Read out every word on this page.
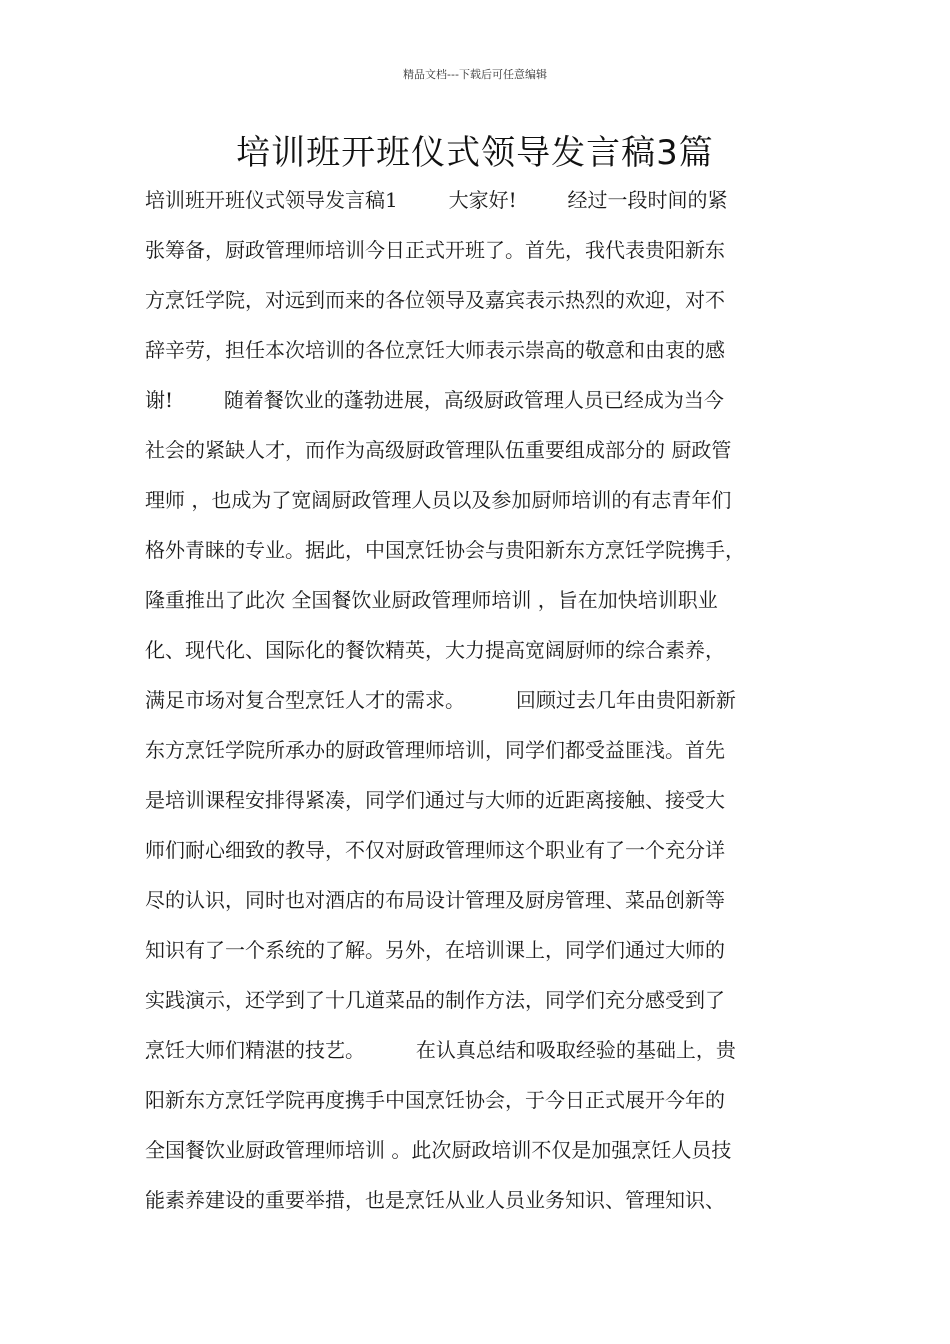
精品文档---下载后可任意编辑
培训班开班仪式领导发言稿3篇
培训班开班仪式领导发言稿1        大家好!        经过一段时间的紧
张筹备，厨政管理师培训今日正式开班了。首先，我代表贵阳新东
方烹饪学院，对远到而来的各位领导及嘉宾表示热烈的欢迎，对不
辞辛劳，担任本次培训的各位烹饪大师表示崇高的敬意和由衷的感
谢!        随着餐饮业的蓬勃进展，高级厨政管理人员已经成为当今
社会的紧缺人才，而作为高级厨政管理队伍重要组成部分的 厨政管
理师 ，也成为了宽阔厨政管理人员以及参加厨师培训的有志青年们
格外青睐的专业。据此，中国烹饪协会与贵阳新东方烹饪学院携手，
隆重推出了此次 全国餐饮业厨政管理师培训 ，旨在加快培训职业
化、现代化、国际化的餐饮精英，大力提高宽阔厨师的综合素养，
满足市场对复合型烹饪人才的需求。        回顾过去几年由贵阳新新
东方烹饪学院所承办的厨政管理师培训，同学们都受益匪浅。首先
是培训课程安排得紧凑，同学们通过与大师的近距离接触、接受大
师们耐心细致的教导，不仅对厨政管理师这个职业有了一个充分详
尽的认识，同时也对酒店的布局设计管理及厨房管理、菜品创新等
知识有了一个系统的了解。另外，在培训课上，同学们通过大师的
实践演示，还学到了十几道菜品的制作方法，同学们充分感受到了
烹饪大师们精湛的技艺。        在认真总结和吸取经验的基础上，贵
阳新东方烹饪学院再度携手中国烹饪协会，于今日正式展开今年的
全国餐饮业厨政管理师培训 。此次厨政培训不仅是加强烹饪人员技
能素养建设的重要举措，也是烹饪从业人员业务知识、管理知识、
